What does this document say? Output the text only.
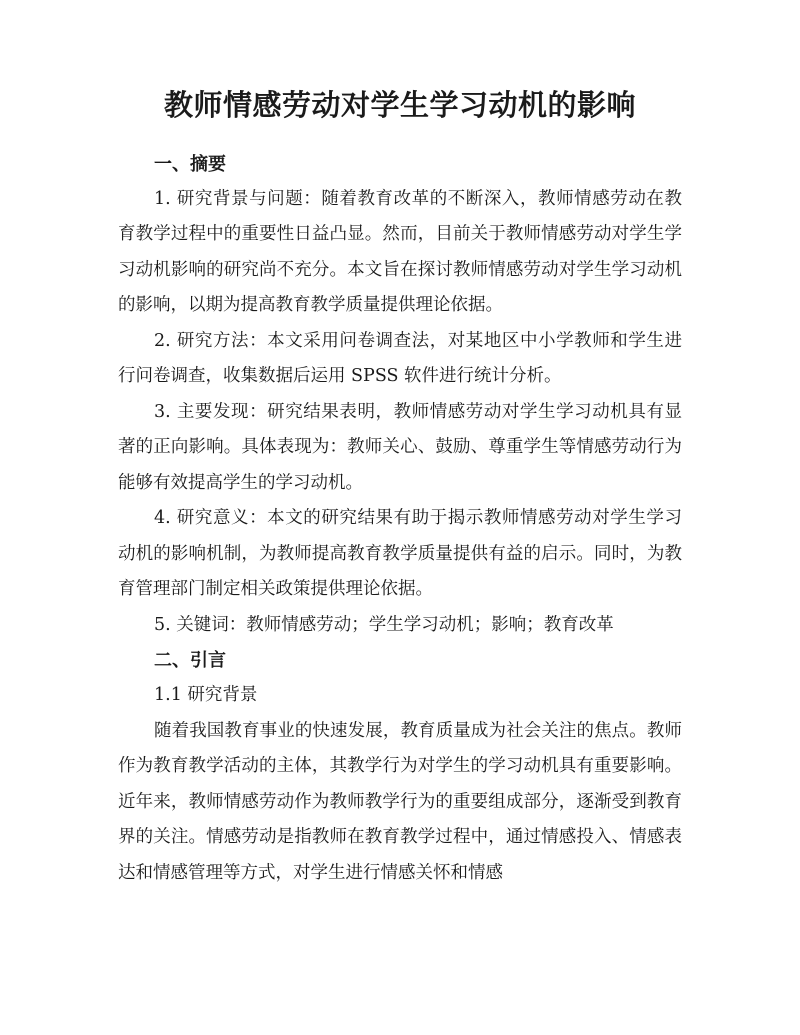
教师情感劳动对学生学习动机的影响

一、摘要

1. 研究背景与问题：随着教育改革的不断深入，教师情感劳动在教育教学过程中的重要性日益凸显。然而，目前关于教师情感劳动对学生学习动机影响的研究尚不充分。本文旨在探讨教师情感劳动对学生学习动机的影响，以期为提高教育教学质量提供理论依据。

2. 研究方法：本文采用问卷调查法，对某地区中小学教师和学生进行问卷调查，收集数据后运用 SPSS 软件进行统计分析。

3. 主要发现：研究结果表明，教师情感劳动对学生学习动机具有显著的正向影响。具体表现为：教师关心、鼓励、尊重学生等情感劳动行为能够有效提高学生的学习动机。

4. 研究意义：本文的研究结果有助于揭示教师情感劳动对学生学习动机的影响机制，为教师提高教育教学质量提供有益的启示。同时，为教育管理部门制定相关政策提供理论依据。

5. 关键词：教师情感劳动；学生学习动机；影响；教育改革

二、引言

1.1 研究背景

随着我国教育事业的快速发展，教育质量成为社会关注的焦点。教师作为教育教学活动的主体，其教学行为对学生的学习动机具有重要影响。近年来，教师情感劳动作为教师教学行为的重要组成部分，逐渐受到教育界的关注。情感劳动是指教师在教育教学过程中，通过情感投入、情感表达和情感管理等方式，对学生进行情感关怀和情感
